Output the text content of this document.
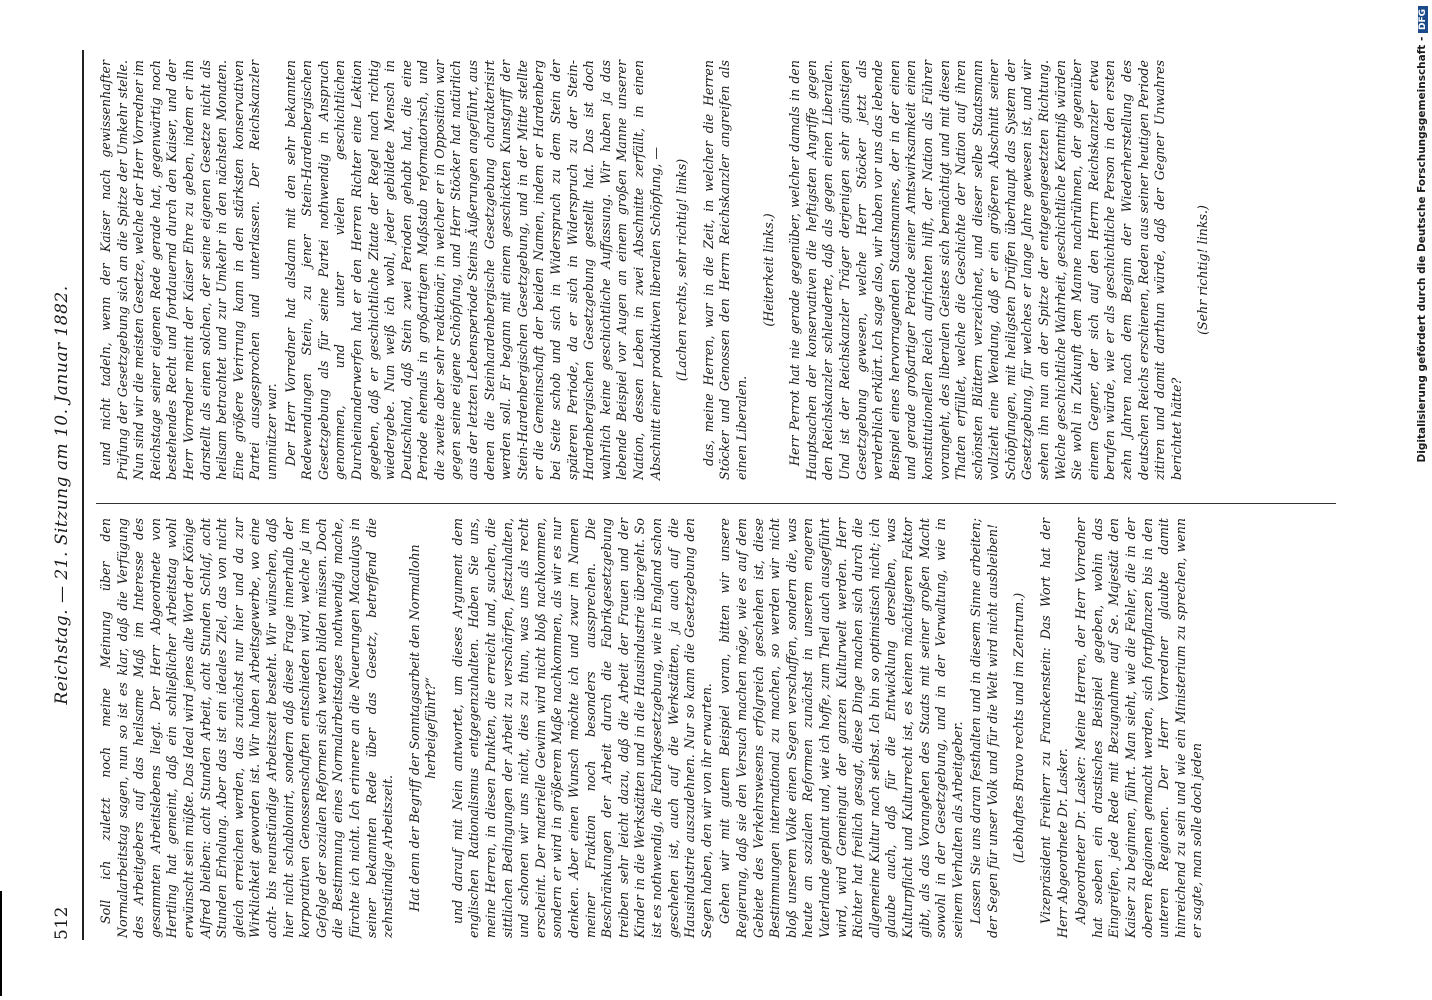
Digitalisierung gefördert durch die Deutsche Forschungsgemeinschaft - DFG
512
Reichstag. — 21. Sitzung am 10. Januar 1882.

Soll ich zuletzt noch meine Meinung über den Normalarbeitstag sagen, nun so ist es klar, daß die Verfügung des Arbeitgebers auf das heilsame Maß im Interesse des gesammten Arbeitslebens liegt. Der Herr Abgeordnete von Hertling hat gemeint, daß ein schließlicher Arbeitstag wohl erwünscht sein müßte. Das Ideal wird jenes alte Wort der Könige Alfred bleiben: acht Stunden Arbeit, acht Stunden Schlaf, acht Stunden Erholung. Aber das ist ein ideales Ziel, das von nicht gleich erreichen werden, das zunächst nur hier und da zur Wirklichkeit geworden ist. Wir haben Arbeitsgewerbe, wo eine acht- bis neunstündige Arbeitszeit besteht. Wir wünschen, daß hier nicht schablonirt, sondern daß diese Frage innerhalb der korporativen Genossenschaften entschieden wird, welche ja im Gefolge der sozialen Reformen sich werden bilden müssen. Doch die Bestimmung eines Normalarbeitstages nothwendig mache, fürchte ich nicht. Ich erinnere an die Neuerungen Macaulays in seiner bekannten Rede über das Gesetz, betreffend die zehnstündige Arbeitszeit. Hat denn der Begriff der Sonntagsarbeit den Normallohn herbeigeführt?“ und darauf mit Nein antwortet, um dieses Argument dem englischen Rationalismus entgegenzuhalten. Haben Sie uns, meine Herren, in diesen Punkten, die erreicht und, suchen, die sittlichen Bedingungen der Arbeit zu verschärfen, festzuhalten, und schonen wir uns nicht, dies zu thun, was uns als recht erscheint. Der materielle Gewinn wird nicht bloß nachkommen, sondern er wird in größerem Maße nachkommen, als wir es nur denken. Aber einen Wunsch möchte ich und zwar im Namen meiner Fraktion noch besonders aussprechen. Die Beschränkungen der Arbeit durch die Fabrikgesetzgebung treiben sehr leicht dazu, daß die Arbeit der Frauen und der Kinder in die Werkstätten und in die Hausindustrie übergeht. So ist es nothwendig, die Fabrikgesetzgebung, wie in England schon geschehen ist, auch auf die Werkstätten, ja auch auf die Hausindustrie auszudehnen. Nur so kann die Gesetzgebung den Segen haben, den wir von ihr erwarten. Gehen wir mit gutem Beispiel voran, bitten wir unsere Regierung, daß sie den Versuch machen möge, wie es auf dem Gebiete des Verkehrswesens erfolgreich geschehen ist, diese Bestimmungen international zu machen, so werden wir nicht bloß unserem Volke einen Segen verschaffen, sondern die, was heute an sozialen Reformen zunächst in unserem engeren Vaterlande geplant und, wie ich hoffe, zum Theil auch ausgeführt wird, wird Gemeingut der ganzen Kulturwelt werden. Herr Richter hat freilich gesagt, diese Dinge machen sich durch die allgemeine Kultur nach selbst. Ich bin so optimistisch nicht; ich glaube auch, daß für die Entwicklung derselben, was Kulturpflicht und Kulturrecht ist, es keinen mächtigeren Faktor gibt, als das Vorangehen des Staats mit seiner großen Macht sowohl in der Gesetzgebung, und in der Verwaltung, wie in seinem Verhalten als Arbeitgeber. Lassen Sie uns daran festhalten und in diesem Sinne arbeiten; der Segen für unser Volk und für die Welt wird nicht ausbleiben! (Lebhaftes Bravo rechts und im Zentrum.) Vizepräsident Freiherr zu Franckenstein: Das Wort hat der Herr Abgeordnete Dr. Lasker. Abgeordneter Dr. Lasker: Meine Herren, der Herr Vorredner hat soeben ein drastisches Beispiel gegeben, wohin das Eingreifen, jede Rede mit Bezugnahme auf Se. Majestät den Kaiser zu beginnen, führt. Man sieht, wie die Fehler, die in der oberen Regionen gemacht werden, sich fortpflanzen bis in den unteren Regionen. Der Herr Vorredner glaubte damit hinreichend zu sein und wie ein Ministerium zu sprechen, wenn er sagte, man solle doch jeden

und nicht tadeln, wenn der Kaiser nach gewissenhafter Prüfung der Gesetzgebung sich an die Spitze der Umkehr stelle. Nun sind wir die meisten Gesetze, welche der Herr Vorredner im Reichstage seiner eigenen Rede gerade hat, gegenwärtig noch bestehendes Recht und fortdauernd durch den Kaiser, und der Herr Vorredner meint der Kaiser Ehre zu geben, indem er ihn darstellt als einen solchen, der seine eigenen Gesetze nicht als heilsam betrachtet und zur Umkehr in den nächsten Monaten. Eine größere Verirrung kann in den stärksten konservativen Partei ausgesprochen und unterlassen. Der Reichskanzler unnnützer war. Der Herr Vorredner hat alsdann mit den sehr bekannten Redewendungen Stein, zu jener Stein-Hardenbergischen Gesetzgebung als für seine Partei nothwendig in Anspruch genommen, und unter vielen geschichtlichen Durcheinanderwerfen hat er den Herren Richter eine Lektion gegeben, daß er geschichtliche Zitate der Regel nach richtig wiedergebe. Nun weiß ich wohl, jeder gebildete Mensch in Deutschland, daß Stein zwei Perioden gehabt hat, die eine Periode ehemals in großartigem Maßstab reformatorisch, und die zweite aber sehr reaktionär, in welcher er in Opposition war gegen seine eigene Schöpfung, und Herr Stöcker hat natürlich aus der letzten Lebensperiode Steins Äußerungen angeführt, aus denen die Steinhardenbergische Gesetzgebung charakterisirt werden soll. Er begann mit einem geschickten Kunstgriff der Stein-Hardenbergischen Gesetzgebung, und in der Mitte stellte er die Gemeinschaft der beiden Namen, indem er Hardenberg bei Seite schob und sich in Widerspruch zu dem Stein der späteren Periode, da er sich in Widerspruch zu der Stein-Hardenbergischen Gesetzgebung gestellt hat. Das ist doch wahrlich keine geschichtliche Auffassung. Wir haben ja das lebende Beispiel vor Augen an einem großen Manne unserer Nation, dessen Leben in zwei Abschnitte zerfällt, in einen Abschnitt einer produktiven liberalen Schöpfung, — (Lachen rechts, sehr richtig! links) das, meine Herren, war in die Zeit, in welcher die Herren Stöcker und Genossen den Herrn Reichskanzler angreifen als einen Liberalen.

(Heiterkeit links.) Herr Perrot hat nie gerade gegenüber, welcher damals in den Hauptsachen der konservativen die heftigsten Angriffe gegen den Reichskanzler schleuderte, daß als gegen einen Liberalen. Und ist der Reichskanzler Träger derjenigen sehr günstigen Gesetzgebung gewesen, welche Herr Stöcker jetzt als verderblich erklärt. Ich sage also, wir haben vor uns das lebende Beispiel eines hervorragenden Staatsmannes, der in der einen und gerade großartiger Periode seiner Amtswirksamkeit einen konstitutionellen Reich aufrichten hilft, der Nation als Führer vorangeht, des liberalen Geistes sich bemächtigt und mit diesen Thaten erfüllet, welche die Geschichte der Nation auf ihren schönsten Blättern verzeichnet, und dieser selbe Staatsmann vollzieht eine Wendung, daß er ein größeren Abschnitt seiner Schöpfungen, mit heiligsten Drüffen überhaupt das System der Gesetzgebung, für welches er lange Jahre gewesen ist, und wir sehen ihn nun an der Spitze der entgegengesetzten Richtung. Welche geschichtliche Wahrheit, geschichtliche Kenntniß würden Sie wohl in Zukunft dem Manne nachrühmen, der gegenüber einem Gegner, der sich auf den Herrn Reichskanzler etwa berufen würde, wie er als geschichtliche Person in den ersten zehn Jahren nach dem Beginn der Wiederherstellung des deutschen Reichs erschienen, Reden aus seiner heutigen Periode zitiren und damit darthun würde, daß der Gegner Unwahres berichtet hätte?

(Sehr richtig! links.)
